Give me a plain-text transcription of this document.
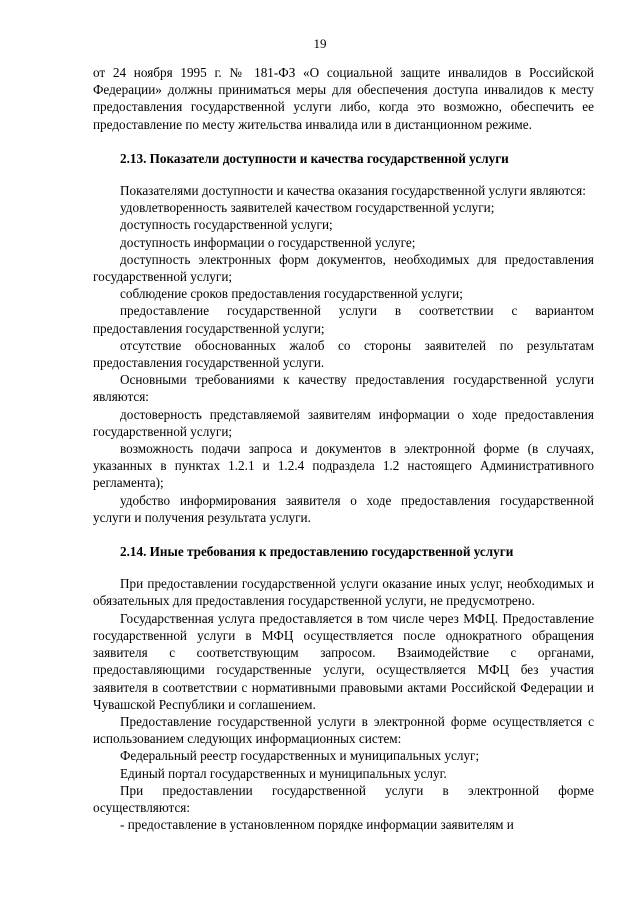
19

от 24 ноября 1995 г. № 181-ФЗ «О социальной защите инвалидов в Российской Федерации» должны приниматься меры для обеспечения доступа инвалидов к месту предоставления государственной услуги либо, когда это возможно, обеспечить ее предоставление по месту жительства инвалида или в дистанционном режиме.

2.13. Показатели доступности и качества государственной услуги

Показателями доступности и качества оказания государственной услуги являются:

удовлетворенность заявителей качеством государственной услуги;

доступность государственной услуги;

доступность информации о государственной услуге;

доступность электронных форм документов, необходимых для предоставления государственной услуги;

соблюдение сроков предоставления государственной услуги;

предоставление государственной услуги в соответствии с вариантом предоставления государственной услуги;

отсутствие обоснованных жалоб со стороны заявителей по результатам предоставления государственной услуги.

Основными требованиями к качеству предоставления государственной услуги являются:

достоверность представляемой заявителям информации о ходе предоставления государственной услуги;

возможность подачи запроса и документов в электронной форме (в случаях, указанных в пунктах 1.2.1 и 1.2.4 подраздела 1.2 настоящего Административного регламента);

удобство информирования заявителя о ходе предоставления государственной услуги и получения результата услуги.

2.14. Иные требования к предоставлению государственной услуги

При предоставлении государственной услуги оказание иных услуг, необходимых и обязательных для предоставления государственной услуги, не предусмотрено.

Государственная услуга предоставляется в том числе через МФЦ. Предоставление государственной услуги в МФЦ осуществляется после однократного обращения заявителя с соответствующим запросом. Взаимодействие с органами, предоставляющими государственные услуги, осуществляется МФЦ без участия заявителя в соответствии с нормативными правовыми актами Российской Федерации и Чувашской Республики и соглашением.

Предоставление государственной услуги в электронной форме осуществляется с использованием следующих информационных систем:

Федеральный реестр государственных и муниципальных услуг;

Единый портал государственных и муниципальных услуг.

При предоставлении государственной услуги в электронной форме осуществляются:

- предоставление в установленном порядке информации заявителям и
